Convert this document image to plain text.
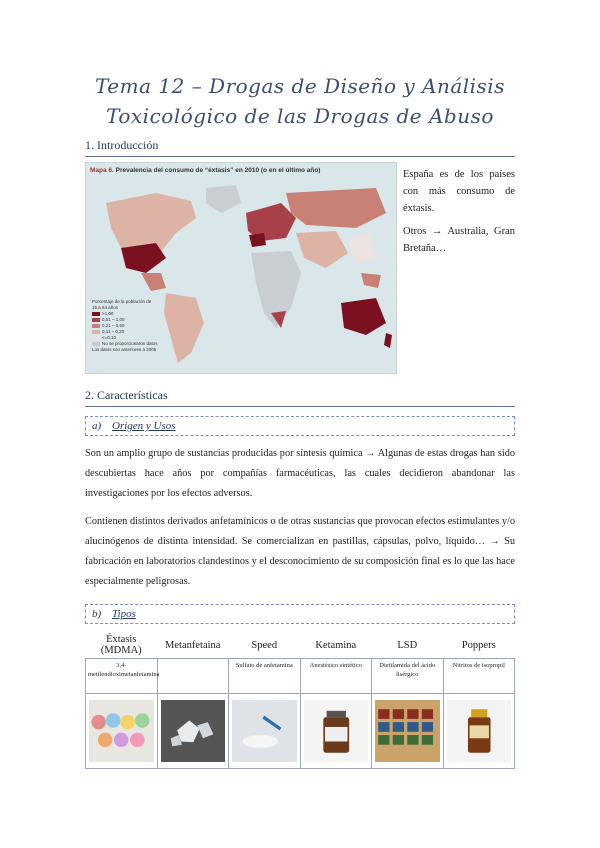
Tema 12 – Drogas de Diseño y Análisis
Toxicológico de las Drogas de Abuso
1. Introducción
Mapa 6. Prevalencia del consumo de “éxtasis” en 2010 (o en el último año)
Porcentaje de la población de 15 a 64 años
>1,00
0,51 – 1,00
0,21 – 0,50
0,11 – 0,20
<=0,10
No se proporcionaron datos
Los datos son anteriores a 2006

España es de los países con más consumo de éxtasis.

Otros → Australia, Gran Bretaña…

2. Características
a) Origen y Usos
Son un amplio grupo de sustancias producidas por síntesis química → Algunas de estas drogas han sido descubiertas hace años por compañías farmacéuticas, las cuales decidieron abandonar las investigaciones por los efectos adversos.
Contienen distintos derivados anfetamínicos o de otras sustancias que provocan efectos estimulantes y/o alucinógenos de distinta intensidad. Se comercializan en pastillas, cápsulas, polvo, líquido… → Su fabricación en laboratorios clandestinos y el desconocimiento de su composición final es lo que las hace especialmente peligrosas.
b) Tipos
Éxtasis (MDMA)	Metanfetaina	Speed	Ketamina	LSD	Poppers
3,4-metilendioximetanfetamina		Sulfato de anfetamina	Anestésico sintético	Dietilamida del ácido lisérgico	Nitritos de isopropil
